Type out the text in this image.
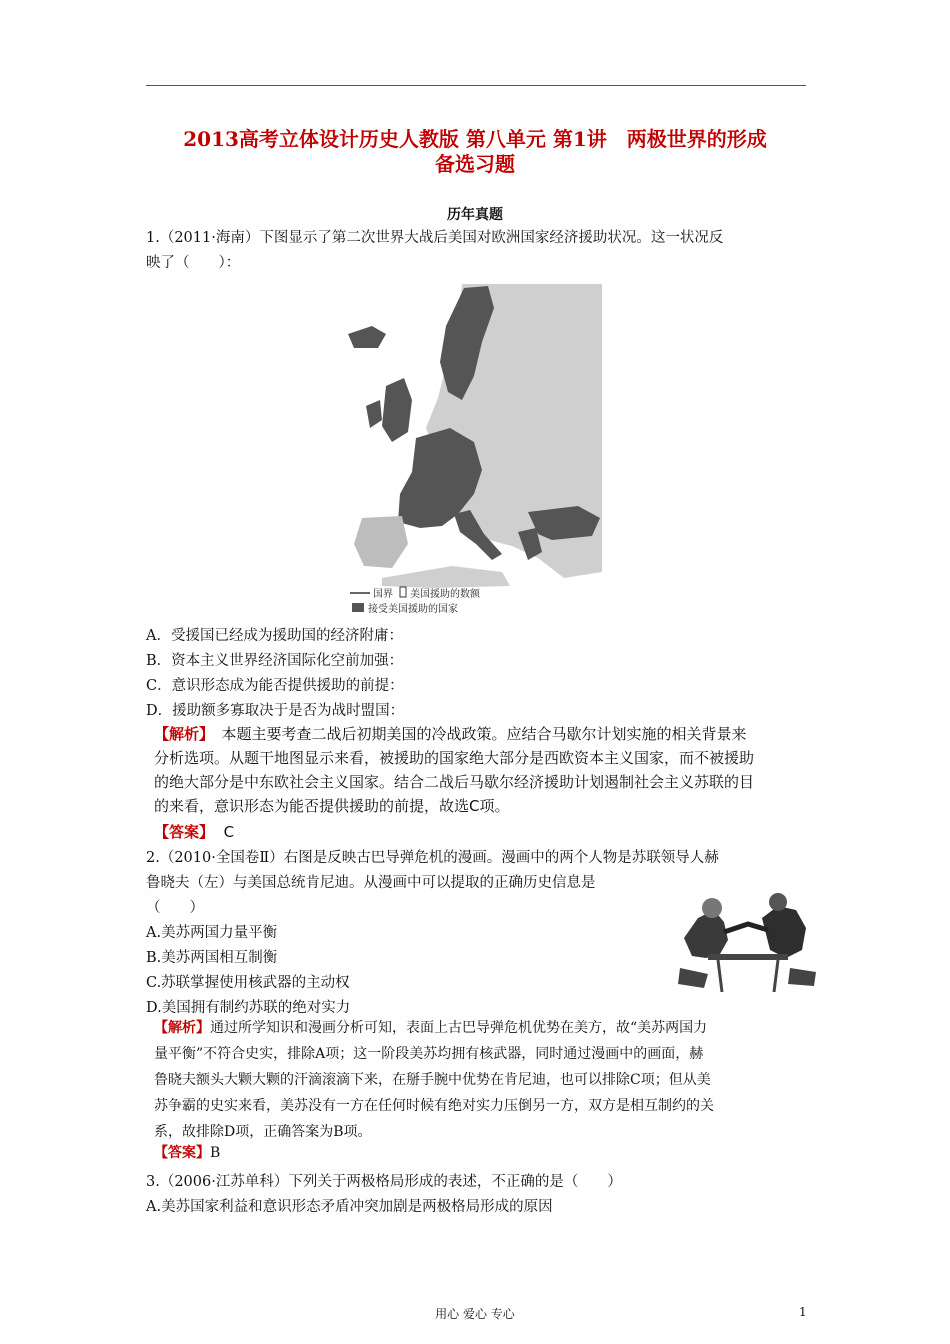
2013高考立体设计历史人教版 第八单元 第1讲　两极世界的形成
备选习题
历年真题
1.（2011·海南）下图显示了第二次世界大战后美国对欧洲国家经济援助状况。这一状况反
映了（　　）：
国界 美国援助的数额
接受美国援助的国家
A．受援国已经成为援助国的经济附庸：
B．资本主义世界经济国际化空前加强：
C．意识形态成为能否提供援助的前提：
D．援助额多寡取决于是否为战时盟国：
【解析】　本题主要考查二战后初期美国的冷战政策。应结合马歇尔计划实施的相关背景来
分析选项。从题干地图显示来看，被援助的国家绝大部分是西欧资本主义国家，而不被援助
的绝大部分是中东欧社会主义国家。结合二战后马歇尔经济援助计划遏制社会主义苏联的目
的来看，意识形态为能否提供援助的前提，故选C项。
【答案】 C
2.（2010·全国卷Ⅱ）右图是反映古巴导弹危机的漫画。漫画中的两个人物是苏联领导人赫
鲁晓夫（左）与美国总统肯尼迪。从漫画中可以提取的正确历史信息是
（　　）
A.美苏两国力量平衡
B.美苏两国相互制衡
C.苏联掌握使用核武器的主动权
D.美国拥有制约苏联的绝对实力
【解析】通过所学知识和漫画分析可知，表面上古巴导弹危机优势在美方，故“美苏两国力
量平衡”不符合史实，排除A项；这一阶段美苏均拥有核武器，同时通过漫画中的画面，赫
鲁晓夫额头大颗大颗的汗滴滚滴下来，在掰手腕中优势在肯尼迪，也可以排除C项；但从美
苏争霸的史实来看，美苏没有一方在任何时候有绝对实力压倒另一方，双方是相互制约的关
系，故排除D项，正确答案为B项。
【答案】B
3.（2006·江苏单科）下列关于两极格局形成的表述，不正确的是（　　）
A.美苏国家利益和意识形态矛盾冲突加剧是两极格局形成的原因
用心 爱心 专心	1
